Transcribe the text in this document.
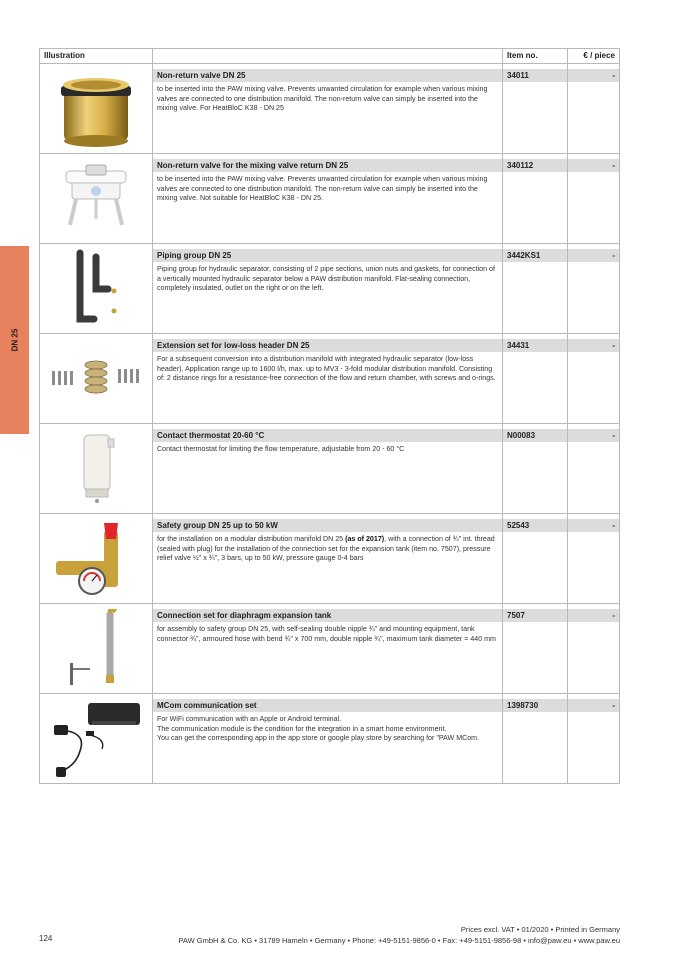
DN 25
Illustration		Item no.	€ / piece

Non-return valve DN 25
to be inserted into the PAW mixing valve. Prevents unwanted circulation for example when various mixing valves are connected to one distribution manifold. The non-return valve can simply be inserted into the mixing valve. For HeatBloC K38 - DN 25	34011	-

Non-return valve for the mixing valve return DN 25
to be inserted into the PAW mixing valve. Prevents unwanted circulation for example when various mixing valves are connected to one distribution manifold. The non-return valve can simply be inserted into the mixing valve. Not suitable for HeatBloC K38 - DN 25.	340112	-

Piping group DN 25
Piping group for hydraulic separator, consisting of 2 pipe sections, union nuts and gaskets, for connection of a vertically mounted hydraulic separator below a PAW distribution manifold. Flat-sealing connection, completely insulated, outlet on the right or on the left.	3442KS1	-

Extension set for low-loss header DN 25
For a subsequent conversion into a distribution manifold with integrated hydraulic separator (low-loss header). Application range up to 1600 l/h, max. up to MV3 - 3-fold modular distribution manifold. Consisting of: 2 distance rings for a resistance-free connection of the flow and return chamber, with screws and o-rings.	34431	-

Contact thermostat 20-60 °C
Contact thermostat for limiting the flow temperature, adjustable from 20 - 60 °C	N00083	-

Safety group DN 25 up to 50 kW
for the installation on a modular distribution manifold DN 25 (as of 2017), with a connection of ¾" int. thread (sealed with plug) for the installation of the connection set for the expansion tank (item no. 7507), pressure relief valve ½" x ¾", 3 bars, up to 50 kW, pressure gauge 0-4 bars	52543	-

Connection set for diaphragm expansion tank
for assembly to safety group DN 25, with self-sealing double nipple ¾" and mounting equipment, tank connector ¾", armoured hose with bend ¾" x 700 mm, double nipple ¾", maximum tank diameter = 440 mm	7507	-

MCom communication set
For WiFi communication with an Apple or Android terminal.
The communication module is the condition for the integration in a smart home environment.
You can get the corresponding app in the app store or google play store by searching for "PAW MCom.	1398730	-
124
Prices excl. VAT • 01/2020 • Printed in Germany
PAW GmbH & Co. KG • 31789 Hameln • Germany • Phone: +49-5151-9856-0 • Fax: +49-5151-9856-98 • info@paw.eu • www.paw.eu
